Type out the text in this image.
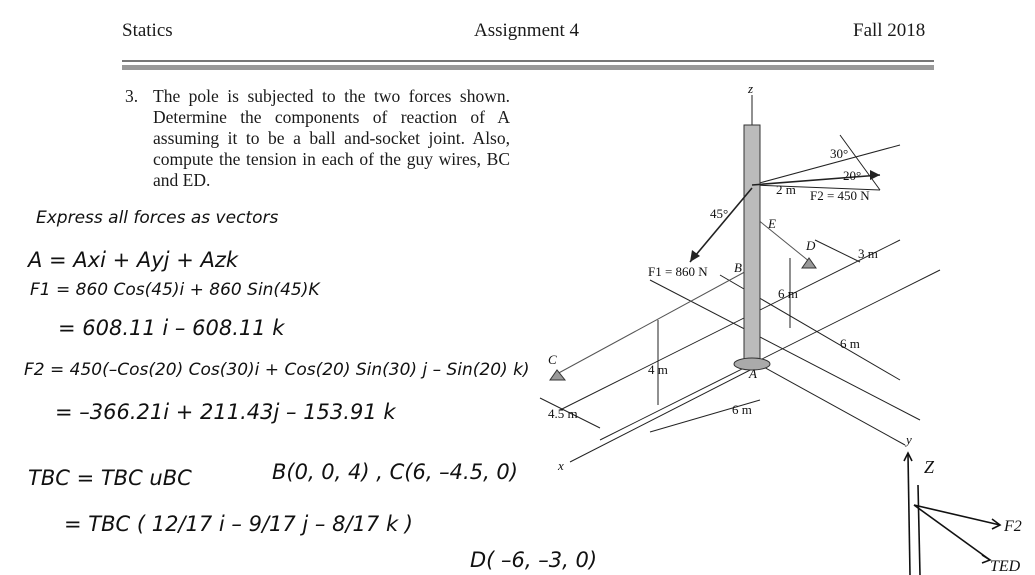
Statics	Assignment 4	Fall 2018
3. The pole is subjected to the two forces shown. Determine the components of reaction of A assuming it to be a ball and-socket joint. Also, compute the tension in each of the guy wires, BC and ED.
Express all forces as vectors
A = Axi + Ayj + Azk
F1 = 860 Cos(45)i + 860 Sin(45)K
= 608.11 i – 608.11 k
F2 = 450(–Cos(20) Cos(30)i + Cos(20) Sin(30) j – Sin(20) k)
= –366.21i + 211.43j – 153.91 k
TBC = TBC uBC	B(0, 0, 4) , C(6, –4.5, 0)
= TBC ( 12/17 i – 9/17 j – 8/17 k )
D( –6, –3, 0)
z
y
x
A
B
C
D
E
F1 = 860 N
F2 = 450 N
30°
20°
45°
2 m
3 m
6 m
6 m
6 m
4 m
4.5 m
Z
F2
TED
